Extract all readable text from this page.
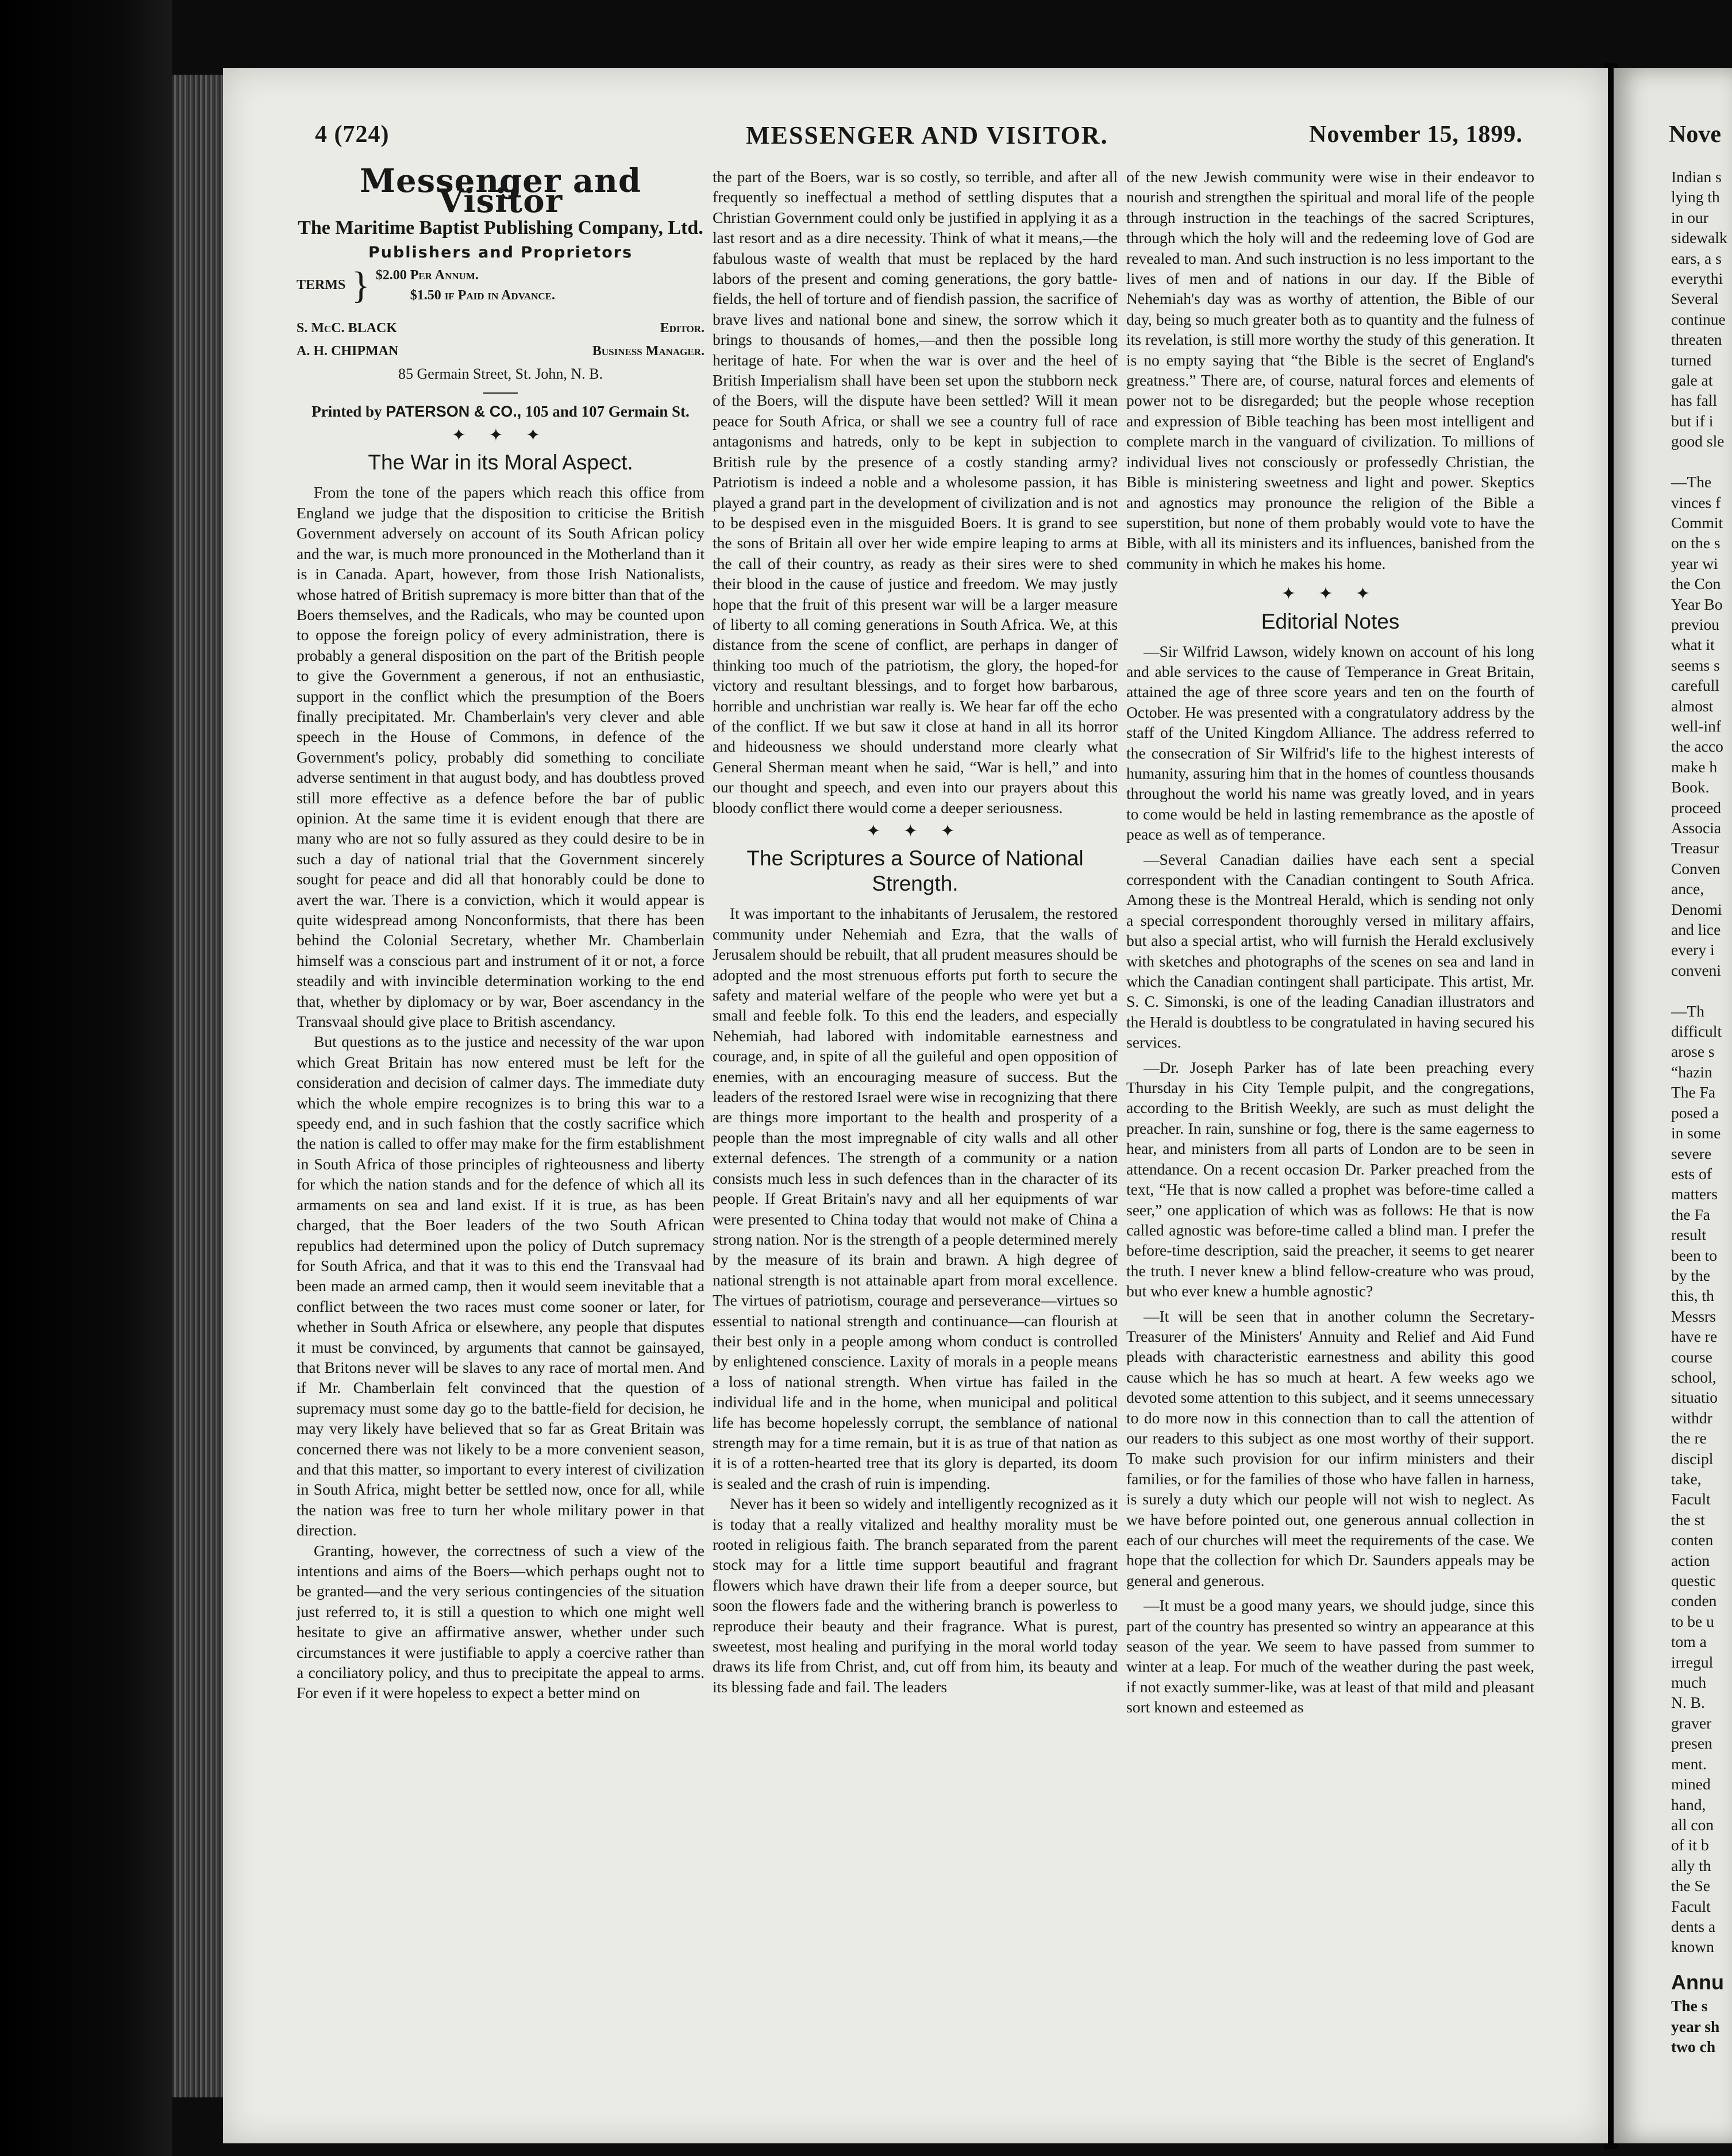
4 (724)	MESSENGER AND VISITOR.	November 15, 1899.
Messenger and Visitor
The Maritime Baptist Publishing Company, Ltd.
Publishers and Proprietors
TERMS } $2.00 Per Annum.
$1.50 if Paid in Advance.
S. McC. BLACK	Editor.
A. H. CHIPMAN	Business Manager.
85 Germain Street, St. John, N. B.
Printed by PATERSON & CO., 105 and 107 Germain St.
✦ ✦ ✦
The War in its Moral Aspect.

From the tone of the papers which reach this office from England we judge that the disposition to criticise the British Government adversely on account of its South African policy and the war, is much more pronounced in the Motherland than it is in Canada. Apart, however, from those Irish Nationalists, whose hatred of British supremacy is more bitter than that of the Boers themselves, and the Radicals, who may be counted upon to oppose the foreign policy of every administration, there is probably a general disposition on the part of the British people to give the Government a generous, if not an enthusiastic, support in the conflict which the presumption of the Boers finally precipitated. Mr. Chamberlain's very clever and able speech in the House of Commons, in defence of the Government's policy, probably did something to conciliate adverse sentiment in that august body, and has doubtless proved still more effective as a defence before the bar of public opinion. At the same time it is evident enough that there are many who are not so fully assured as they could desire to be in such a day of national trial that the Government sincerely sought for peace and did all that honorably could be done to avert the war. There is a conviction, which it would appear is quite widespread among Nonconformists, that there has been behind the Colonial Secretary, whether Mr. Chamberlain himself was a conscious part and instrument of it or not, a force steadily and with invincible determination working to the end that, whether by diplomacy or by war, Boer ascendancy in the Transvaal should give place to British ascendancy.

But questions as to the justice and necessity of the war upon which Great Britain has now entered must be left for the consideration and decision of calmer days. The immediate duty which the whole empire recognizes is to bring this war to a speedy end, and in such fashion that the costly sacrifice which the nation is called to offer may make for the firm establishment in South Africa of those principles of righteousness and liberty for which the nation stands and for the defence of which all its armaments on sea and land exist. If it is true, as has been charged, that the Boer leaders of the two South African republics had determined upon the policy of Dutch supremacy for South Africa, and that it was to this end the Transvaal had been made an armed camp, then it would seem inevitable that a conflict between the two races must come sooner or later, for whether in South Africa or elsewhere, any people that disputes it must be convinced, by arguments that cannot be gainsayed, that Britons never will be slaves to any race of mortal men. And if Mr. Chamberlain felt convinced that the question of supremacy must some day go to the battle-field for decision, he may very likely have believed that so far as Great Britain was concerned there was not likely to be a more convenient season, and that this matter, so important to every interest of civilization in South Africa, might better be settled now, once for all, while the nation was free to turn her whole military power in that direction.

Granting, however, the correctness of such a view of the intentions and aims of the Boers—which perhaps ought not to be granted—and the very serious contingencies of the situation just referred to, it is still a question to which one might well hesitate to give an affirmative answer, whether under such circumstances it were justifiable to apply a coercive rather than a conciliatory policy, and thus to precipitate the appeal to arms. For even if it were hopeless to expect a better mind on

the part of the Boers, war is so costly, so terrible, and after all frequently so ineffectual a method of settling disputes that a Christian Government could only be justified in applying it as a last resort and as a dire necessity. Think of what it means,—the fabulous waste of wealth that must be replaced by the hard labors of the present and coming generations, the gory battle-fields, the hell of torture and of fiendish passion, the sacrifice of brave lives and national bone and sinew, the sorrow which it brings to thousands of homes,—and then the possible long heritage of hate. For when the war is over and the heel of British Imperialism shall have been set upon the stubborn neck of the Boers, will the dispute have been settled? Will it mean peace for South Africa, or shall we see a country full of race antagonisms and hatreds, only to be kept in subjection to British rule by the presence of a costly standing army? Patriotism is indeed a noble and a wholesome passion, it has played a grand part in the development of civilization and is not to be despised even in the misguided Boers. It is grand to see the sons of Britain all over her wide empire leaping to arms at the call of their country, as ready as their sires were to shed their blood in the cause of justice and freedom. We may justly hope that the fruit of this present war will be a larger measure of liberty to all coming generations in South Africa. We, at this distance from the scene of conflict, are perhaps in danger of thinking too much of the patriotism, the glory, the hoped-for victory and resultant blessings, and to forget how barbarous, horrible and unchristian war really is. We hear far off the echo of the conflict. If we but saw it close at hand in all its horror and hideousness we should understand more clearly what General Sherman meant when he said, “War is hell,” and into our thought and speech, and even into our prayers about this bloody conflict there would come a deeper seriousness.

✦ ✦ ✦
The Scriptures a Source of National Strength.

It was important to the inhabitants of Jerusalem, the restored community under Nehemiah and Ezra, that the walls of Jerusalem should be rebuilt, that all prudent measures should be adopted and the most strenuous efforts put forth to secure the safety and material welfare of the people who were yet but a small and feeble folk. To this end the leaders, and especially Nehemiah, had labored with indomitable earnestness and courage, and, in spite of all the guileful and open opposition of enemies, with an encouraging measure of success. But the leaders of the restored Israel were wise in recognizing that there are things more important to the health and prosperity of a people than the most impregnable of city walls and all other external defences. The strength of a community or a nation consists much less in such defences than in the character of its people. If Great Britain's navy and all her equipments of war were presented to China today that would not make of China a strong nation. Nor is the strength of a people determined merely by the measure of its brain and brawn. A high degree of national strength is not attainable apart from moral excellence. The virtues of patriotism, courage and perseverance—virtues so essential to national strength and continuance—can flourish at their best only in a people among whom conduct is controlled by enlightened conscience. Laxity of morals in a people means a loss of national strength. When virtue has failed in the individual life and in the home, when municipal and political life has become hopelessly corrupt, the semblance of national strength may for a time remain, but it is as true of that nation as it is of a rotten-hearted tree that its glory is departed, its doom is sealed and the crash of ruin is impending.

Never has it been so widely and intelligently recognized as it is today that a really vitalized and healthy morality must be rooted in religious faith. The branch separated from the parent stock may for a little time support beautiful and fragrant flowers which have drawn their life from a deeper source, but soon the flowers fade and the withering branch is powerless to reproduce their beauty and their fragrance. What is purest, sweetest, most healing and purifying in the moral world today draws its life from Christ, and, cut off from him, its beauty and its blessing fade and fail. The leaders

of the new Jewish community were wise in their endeavor to nourish and strengthen the spiritual and moral life of the people through instruction in the teachings of the sacred Scriptures, through which the holy will and the redeeming love of God are revealed to man. And such instruction is no less important to the lives of men and of nations in our day. If the Bible of Nehemiah's day was as worthy of attention, the Bible of our day, being so much greater both as to quantity and the fulness of its revelation, is still more worthy the study of this generation. It is no empty saying that “the Bible is the secret of England's greatness.” There are, of course, natural forces and elements of power not to be disregarded; but the people whose reception and expression of Bible teaching has been most intelligent and complete march in the vanguard of civilization. To millions of individual lives not consciously or professedly Christian, the Bible is ministering sweetness and light and power. Skeptics and agnostics may pronounce the religion of the Bible a superstition, but none of them probably would vote to have the Bible, with all its ministers and its influences, banished from the community in which he makes his home.

✦ ✦ ✦
Editorial Notes

—Sir Wilfrid Lawson, widely known on account of his long and able services to the cause of Temperance in Great Britain, attained the age of three score years and ten on the fourth of October. He was presented with a congratulatory address by the staff of the United Kingdom Alliance. The address referred to the consecration of Sir Wilfrid's life to the highest interests of humanity, assuring him that in the homes of countless thousands throughout the world his name was greatly loved, and in years to come would be held in lasting remembrance as the apostle of peace as well as of temperance.

—Several Canadian dailies have each sent a special correspondent with the Canadian contingent to South Africa. Among these is the Montreal Herald, which is sending not only a special correspondent thoroughly versed in military affairs, but also a special artist, who will furnish the Herald exclusively with sketches and photographs of the scenes on sea and land in which the Canadian contingent shall participate. This artist, Mr. S. C. Simonski, is one of the leading Canadian illustrators and the Herald is doubtless to be congratulated in having secured his services.

—Dr. Joseph Parker has of late been preaching every Thursday in his City Temple pulpit, and the congregations, according to the British Weekly, are such as must delight the preacher. In rain, sunshine or fog, there is the same eagerness to hear, and ministers from all parts of London are to be seen in attendance. On a recent occasion Dr. Parker preached from the text, “He that is now called a prophet was before-time called a seer,” one application of which was as follows: He that is now called agnostic was before-time called a blind man. I prefer the before-time description, said the preacher, it seems to get nearer the truth. I never knew a blind fellow-creature who was proud, but who ever knew a humble agnostic?

—It will be seen that in another column the Secretary-Treasurer of the Ministers' Annuity and Relief and Aid Fund pleads with characteristic earnestness and ability this good cause which he has so much at heart. A few weeks ago we devoted some attention to this subject, and it seems unnecessary to do more now in this connection than to call the attention of our readers to this subject as one most worthy of their support. To make such provision for our infirm ministers and their families, or for the families of those who have fallen in harness, is surely a duty which our people will not wish to neglect. As we have before pointed out, one generous annual collection in each of our churches will meet the requirements of the case. We hope that the collection for which Dr. Saunders appeals may be general and generous.

—It must be a good many years, we should judge, since this part of the country has presented so wintry an appearance at this season of the year. We seem to have passed from summer to winter at a leap. For much of the weather during the past week, if not exactly summer-like, was at least of that mild and pleasant sort known and esteemed as

Nove
Indian s
lying th
in our
sidewalk
ears, a s
everythi
Several
continue
threaten
turned
gale at
has fall
but if i
good sle

—The
vinces f
Commit
on the s
year wi
the Con
Year Bo
previou
what it
seems s
carefull
almost
well-inf
the acco
make h
Book.
proceed
Associa
Treasur
Conven
ance,
Denomi
and lice
every i
conveni

—Th
difficult
arose s
“hazin
The Fa
posed a
in some
severe
ests of
matters
the Fa
result
been to
by the
this, th
Messrs
have re
course
school,
situatio
withdr
the re
discipl
take,
Facult
the st
conten
action
questic
conden
to be u
tom a
irregul
much
N. B.
graver
presen
ment.
mined
hand,
all con
of it b
ally th
the Se
Facult
dents a
known
Annu
The s
year sh
two ch
